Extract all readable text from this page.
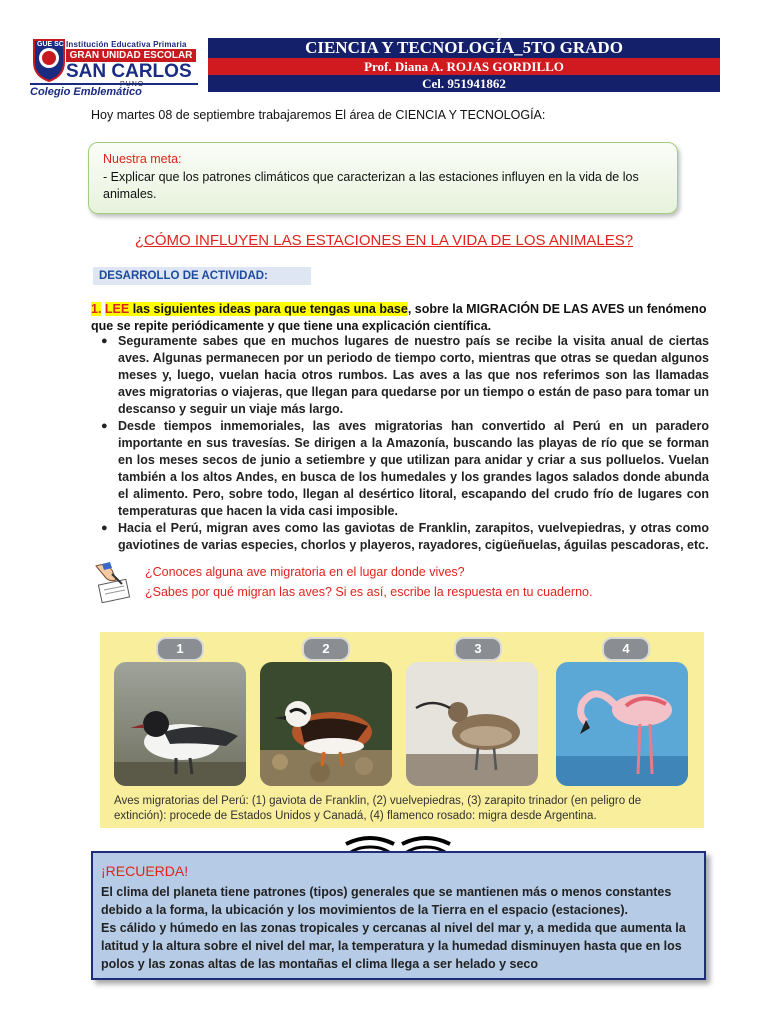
GUE SC Institución Educativa Primaria
GRAN UNIDAD ESCOLAR
SAN CARLOS
PUNO
Colegio Emblemático
CIENCIA Y TECNOLOGÍA_5TO GRADO
Prof. Diana A. ROJAS GORDILLO
Cel. 951941862
Hoy martes 08 de septiembre trabajaremos El área de CIENCIA Y TECNOLOGÍA:
Nuestra meta:
- Explicar que los patrones climáticos que caracterizan a las estaciones influyen en la vida de los animales.
¿CÓMO INFLUYEN LAS ESTACIONES EN LA VIDA DE LOS ANIMALES?
DESARROLLO DE ACTIVIDAD:
1. LEE las siguientes ideas para que tengas una base, sobre la MIGRACIÓN DE LAS AVES un fenómeno que se repite periódicamente y que tiene una explicación científica.
● Seguramente sabes que en muchos lugares de nuestro país se recibe la visita anual de ciertas aves. Algunas permanecen por un periodo de tiempo corto, mientras que otras se quedan algunos meses y, luego, vuelan hacia otros rumbos. Las aves a las que nos referimos son las llamadas aves migratorias o viajeras, que llegan para quedarse por un tiempo o están de paso para tomar un descanso y seguir un viaje más largo.
● Desde tiempos inmemoriales, las aves migratorias han convertido al Perú en un paradero importante en sus travesías. Se dirigen a la Amazonía, buscando las playas de río que se forman en los meses secos de junio a setiembre y que utilizan para anidar y criar a sus polluelos. Vuelan también a los altos Andes, en busca de los humedales y los grandes lagos salados donde abunda el alimento. Pero, sobre todo, llegan al desértico litoral, escapando del crudo frío de lugares con temperaturas que hacen la vida casi imposible.
● Hacia el Perú, migran aves como las gaviotas de Franklin, zarapitos, vuelvepiedras, y otras como gaviotines de varias especies, chorlos y playeros, rayadores, cigüeñuelas, águilas pescadoras, etc.
¿Conoces alguna ave migratoria en el lugar donde vives?
¿Sabes por qué migran las aves? Si es así, escribe la respuesta en tu cuaderno.
1	2	3	4
Aves migratorias del Perú: (1) gaviota de Franklin, (2) vuelvepiedras, (3) zarapito trinador (en peligro de extinción): procede de Estados Unidos y Canadá, (4) flamenco rosado: migra desde Argentina.
¡RECUERDA!
El clima del planeta tiene patrones (tipos) generales que se mantienen más o menos constantes debido a la forma, la ubicación y los movimientos de la Tierra en el espacio (estaciones).
Es cálido y húmedo en las zonas tropicales y cercanas al nivel del mar y, a medida que aumenta la latitud y la altura sobre el nivel del mar, la temperatura y la humedad disminuyen hasta que en los polos y las zonas altas de las montañas el clima llega a ser helado y seco
